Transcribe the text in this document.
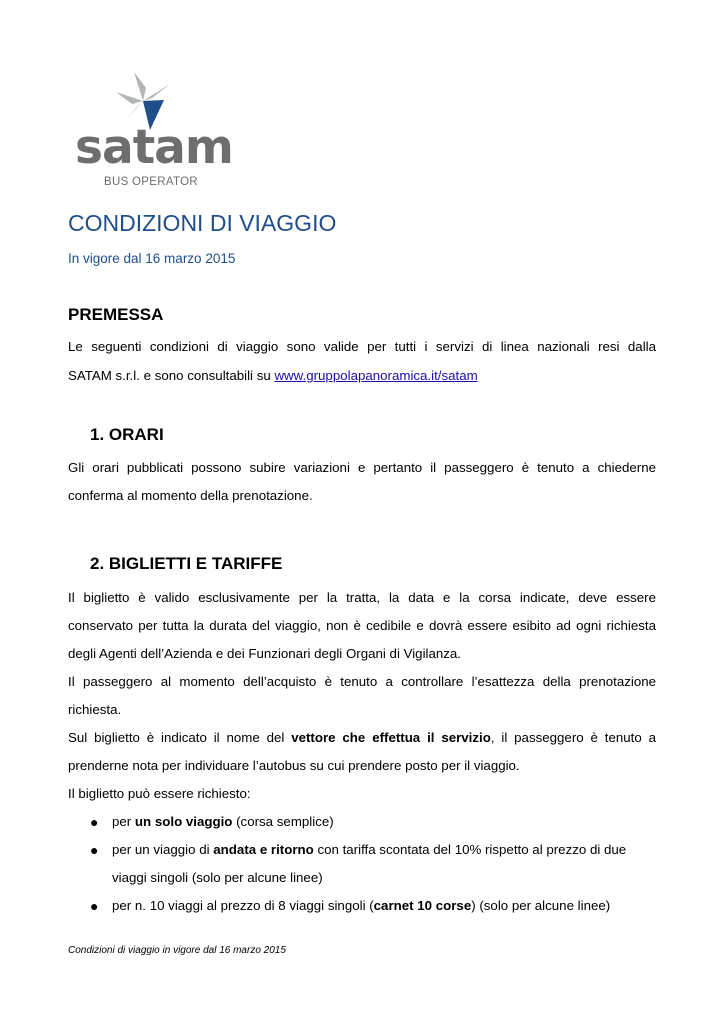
satam
BUS OPERATOR
CONDIZIONI DI VIAGGIO
In vigore dal 16 marzo 2015
PREMESSA
Le seguenti condizioni di viaggio sono valide per tutti i servizi di linea nazionali resi dalla
SATAM s.r.l. e sono consultabili su www.gruppolapanoramica.it/satam
1. ORARI
Gli orari pubblicati possono subire variazioni e pertanto il passeggero è tenuto a chiederne
conferma al momento della prenotazione.
2. BIGLIETTI E TARIFFE
Il biglietto è valido esclusivamente per la tratta, la data e la corsa indicate, deve essere
conservato per tutta la durata del viaggio, non è cedibile e dovrà essere esibito ad ogni richiesta
degli Agenti dell’Azienda e dei Funzionari degli Organi di Vigilanza.
Il passeggero al momento dell’acquisto è tenuto a controllare l’esattezza della prenotazione
richiesta.
Sul biglietto è indicato il nome del vettore che effettua il servizio, il passeggero è tenuto a
prenderne nota per individuare l’autobus su cui prendere posto per il viaggio.
Il biglietto può essere richiesto:
● per un solo viaggio (corsa semplice)
● per un viaggio di andata e ritorno con tariffa scontata del 10% rispetto al prezzo di due
viaggi singoli (solo per alcune linee)
● per n. 10 viaggi al prezzo di 8 viaggi singoli (carnet 10 corse) (solo per alcune linee)
Condizioni di viaggio in vigore dal 16 marzo 2015
